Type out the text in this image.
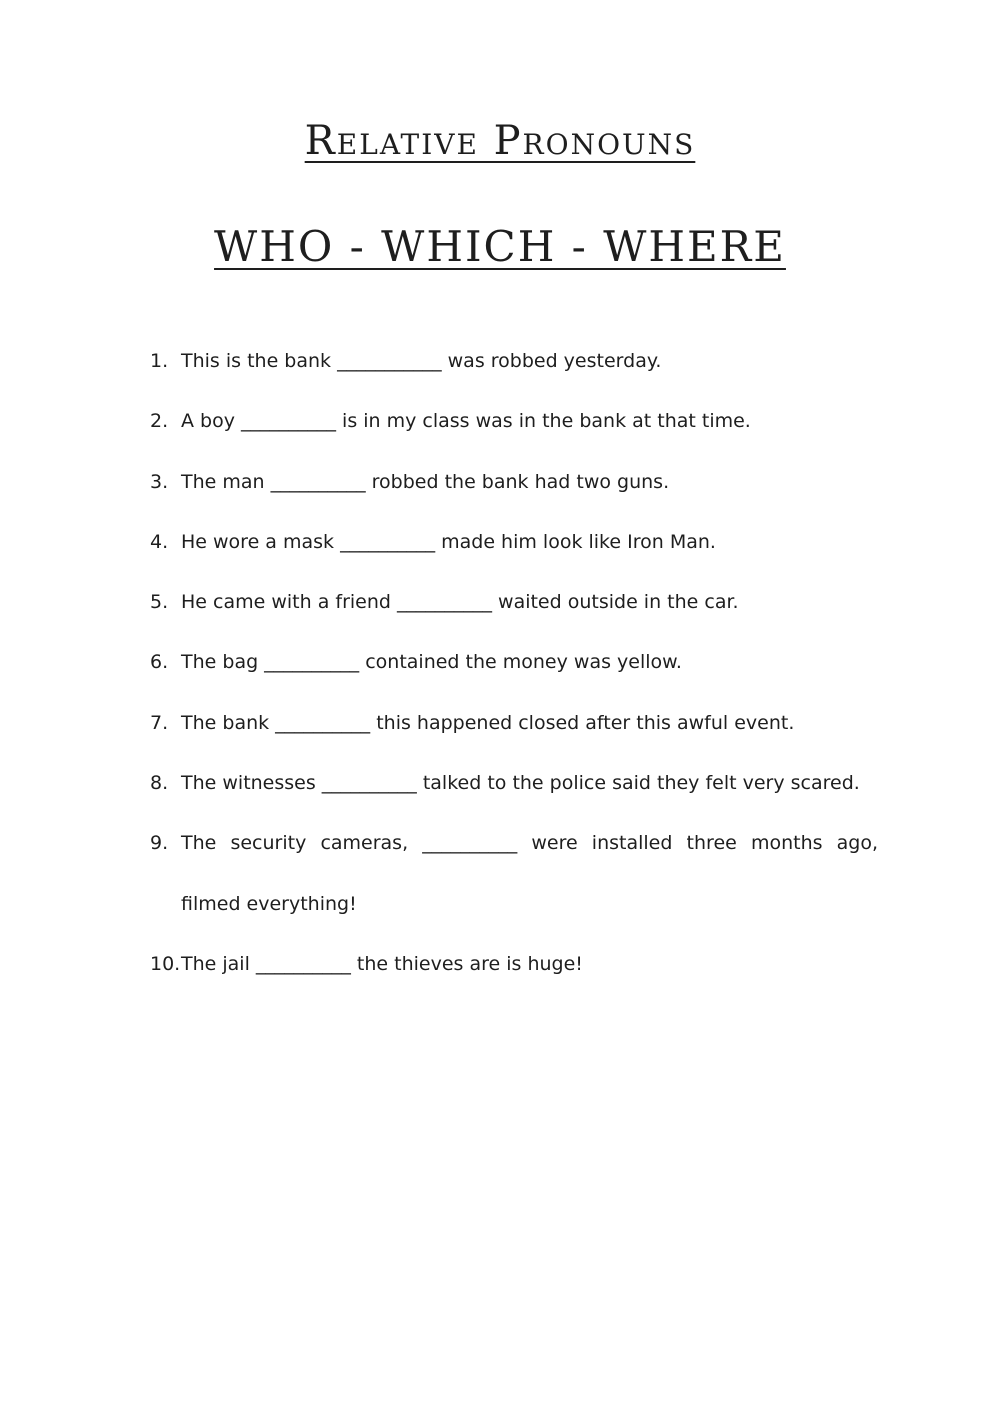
Relative Pronouns
WHO - WHICH - WHERE
1. This is the bank ___________ was robbed yesterday.
2. A boy __________ is in my class was in the bank at that time.
3. The man __________ robbed the bank had two guns.
4. He wore a mask __________ made him look like Iron Man.
5. He came with a friend __________ waited outside in the car.
6. The bag __________ contained the money was yellow.
7. The bank __________ this happened closed after this awful event.
8. The witnesses __________ talked to the police said they felt very scared.
9. The security cameras, __________ were installed three months ago, filmed everything!
10. The jail __________ the thieves are is huge!
